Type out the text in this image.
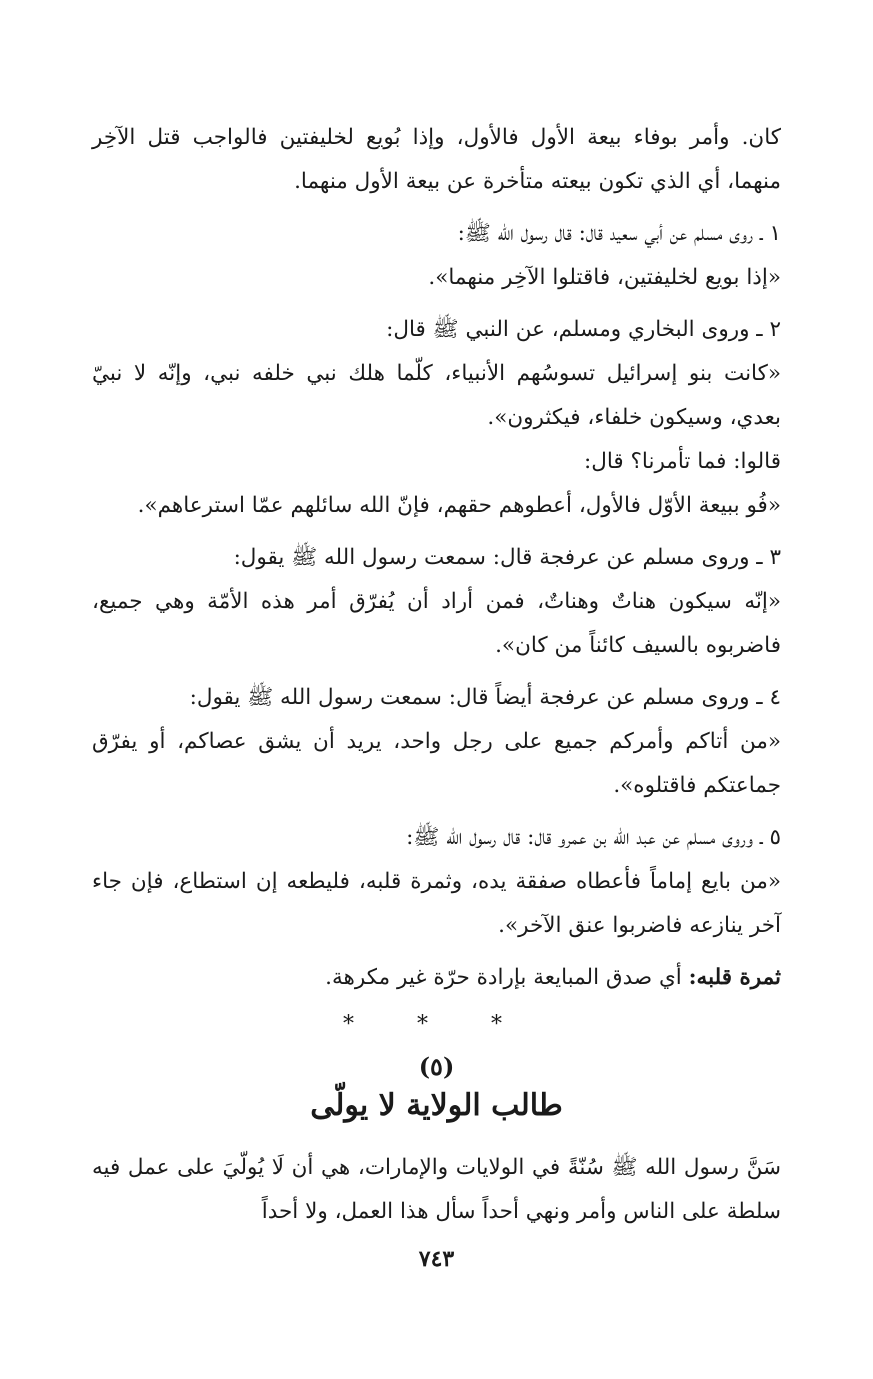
كان. وأمر بوفاء بيعة الأول فالأول، وإذا بُويع لخليفتين فالواجب قتل الآخِر منهما، أي الذي تكون بيعته متأخرة عن بيعة الأول منهما.

١ ـ روى مسلم عن أبي سعيد قال: قال رسول الله ﷺ:

«إذا بويع لخليفتين، فاقتلوا الآخِر منهما».

٢ ـ وروى البخاري ومسلم، عن النبي ﷺ قال:

«كانت بنو إسرائيل تسوسُهم الأنبياء، كلّما هلك نبي خلفه نبي، وإنّه لا نبيّ بعدي، وسيكون خلفاء، فيكثرون».

قالوا: فما تأمرنا؟ قال:

«فُو ببيعة الأوّل فالأول، أعطوهم حقهم، فإنّ الله سائلهم عمّا استرعاهم».

٣ ـ وروى مسلم عن عرفجة قال: سمعت رسول الله ﷺ يقول:

«إنّه سيكون هناتٌ وهناتٌ، فمن أراد أن يُفرّق أمر هذه الأمّة وهي جميع، فاضربوه بالسيف كائناً من كان».

٤ ـ وروى مسلم عن عرفجة أيضاً قال: سمعت رسول الله ﷺ يقول:

«من أتاكم وأمركم جميع على رجل واحد، يريد أن يشق عصاكم، أو يفرّق جماعتكم فاقتلوه».

٥ ـ وروى مسلم عن عبد الله بن عمرو قال: قال رسول الله ﷺ:

«من بايع إماماً فأعطاه صفقة يده، وثمرة قلبه، فليطعه إن استطاع، فإن جاء آخر ينازعه فاضربوا عنق الآخر».

ثمرة قلبه: أي صدق المبايعة بإرادة حرّة غير مكرهة.

* * *
(٥)
طالب الولاية لا يولّى

سَنَّ رسول الله ﷺ سُنّةً في الولايات والإمارات، هي أن لَا يُولّيَ على عمل فيه سلطة على الناس وأمر ونهي أحداً سأل هذا العمل، ولا أحداً

٧٤٣
